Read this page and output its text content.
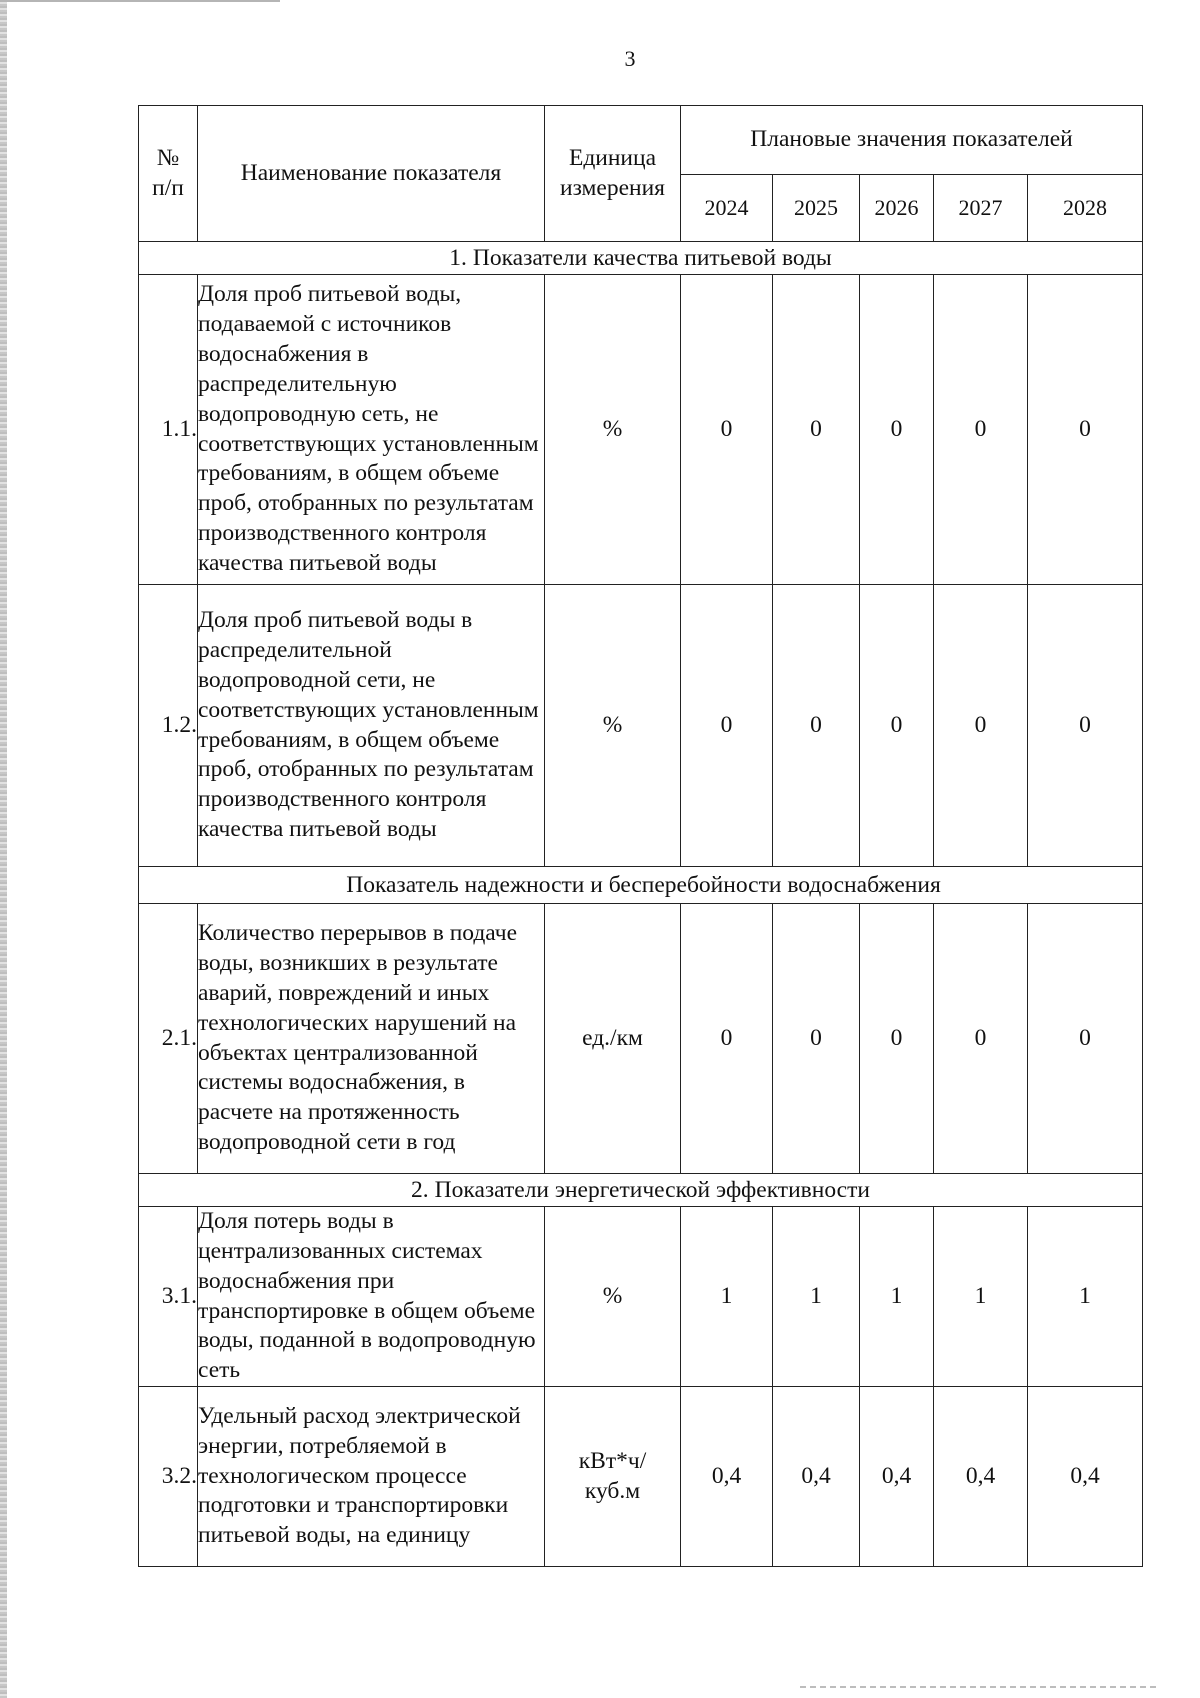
3
№
п/п	Наименование показателя	Единица измерения	Плановые значения показателей				
			2024	2025	2026	2027	2028
1. Показатели качества питьевой воды							
1.1.	Доля проб питьевой воды, подаваемой с источников водоснабжения в распределительную водопроводную сеть, не соответствующих установленным требованиям, в общем объеме проб, отобранных по результатам производственного контроля качества питьевой воды	%	0	0	0	0	0
1.2.	Доля проб питьевой воды в распределительной водопроводной сети, не соответствующих установленным требованиям, в общем объеме проб, отобранных по результатам производственного контроля качества питьевой воды	%	0	0	0	0	0
Показатель надежности и бесперебойности водоснабжения							
2.1.	Количество перерывов в подаче воды, возникших в результате аварий, повреждений и иных технологических нарушений на объектах централизованной системы водоснабжения, в расчете на протяженность водопроводной сети в год	ед./км	0	0	0	0	0
2. Показатели энергетической эффективности							
3.1.	Доля потерь воды в централизованных системах водоснабжения при транспортировке в общем объеме воды, поданной в водопроводную сеть	%	1	1	1	1	1
3.2.	Удельный расход электрической энергии, потребляемой в технологическом процессе подготовки и транспортировки питьевой воды, на единицу	кВт*ч/
куб.м	0,4	0,4	0,4	0,4	0,4
